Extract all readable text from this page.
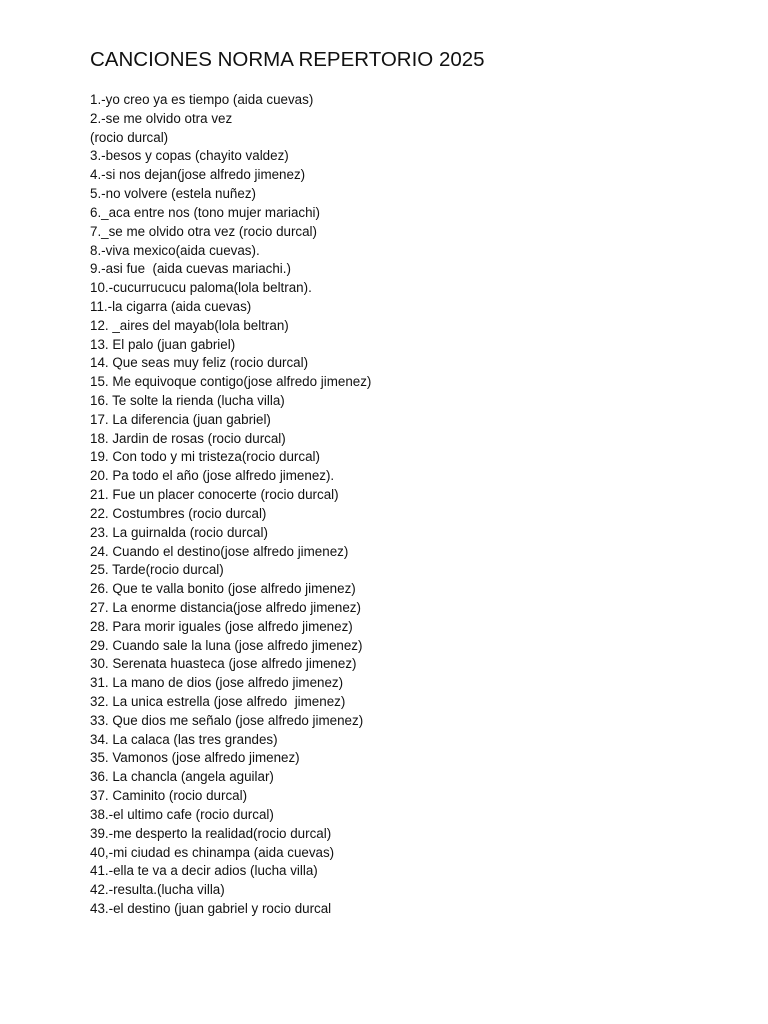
CANCIONES NORMA REPERTORIO 2025
1.-yo creo ya es tiempo (aida cuevas)
2.-se me olvido otra vez
(rocio durcal)
3.-besos y copas (chayito valdez)
4.-si nos dejan(jose alfredo jimenez)
5.-no volvere (estela nuñez)
6._aca entre nos (tono mujer mariachi)
7._se me olvido otra vez (rocio durcal)
8.-viva mexico(aida cuevas).
9.-asi fue  (aida cuevas mariachi.)
10.-cucurrucucu paloma(lola beltran).
11.-la cigarra (aida cuevas)
12. _aires del mayab(lola beltran)
13. El palo (juan gabriel)
14. Que seas muy feliz (rocio durcal)
15. Me equivoque contigo(jose alfredo jimenez)
16. Te solte la rienda (lucha villa)
17. La diferencia (juan gabriel)
18. Jardin de rosas (rocio durcal)
19. Con todo y mi tristeza(rocio durcal)
20. Pa todo el año (jose alfredo jimenez).
21. Fue un placer conocerte (rocio durcal)
22. Costumbres (rocio durcal)
23. La guirnalda (rocio durcal)
24. Cuando el destino(jose alfredo jimenez)
25. Tarde(rocio durcal)
26. Que te valla bonito (jose alfredo jimenez)
27. La enorme distancia(jose alfredo jimenez)
28. Para morir iguales (jose alfredo jimenez)
29. Cuando sale la luna (jose alfredo jimenez)
30. Serenata huasteca (jose alfredo jimenez)
31. La mano de dios (jose alfredo jimenez)
32. La unica estrella (jose alfredo  jimenez)
33. Que dios me señalo (jose alfredo jimenez)
34. La calaca (las tres grandes)
35. Vamonos (jose alfredo jimenez)
36. La chancla (angela aguilar)
37. Caminito (rocio durcal)
38.-el ultimo cafe (rocio durcal)
39.-me desperto la realidad(rocio durcal)
40,-mi ciudad es chinampa (aida cuevas)
41.-ella te va a decir adios (lucha villa)
42.-resulta.(lucha villa)
43.-el destino (juan gabriel y rocio durcal
